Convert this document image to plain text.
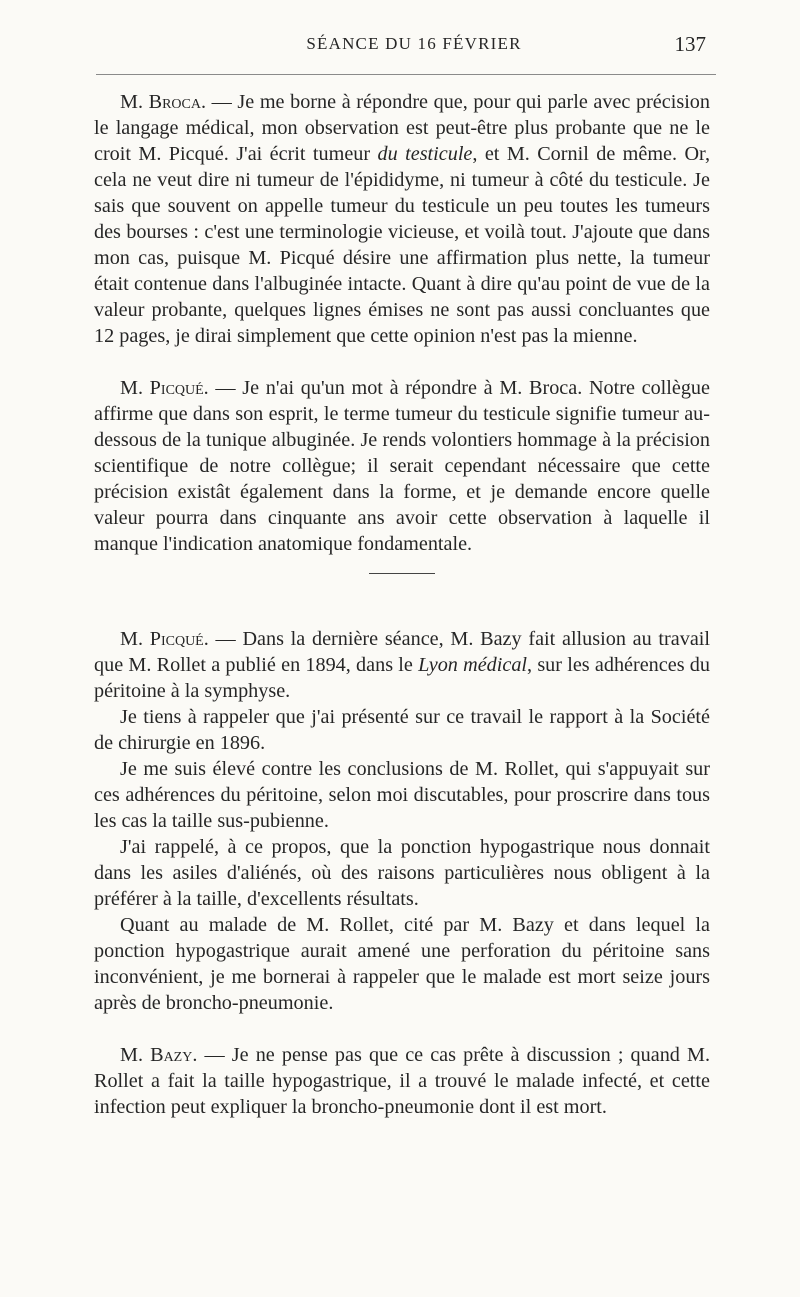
SÉANCE DU 16 FÉVRIER	137

M. Broca. — Je me borne à répondre que, pour qui parle avec précision le langage médical, mon observation est peut-être plus probante que ne le croit M. Picqué. J'ai écrit tumeur du testicule, et M. Cornil de même. Or, cela ne veut dire ni tumeur de l'épididyme, ni tumeur à côté du testicule. Je sais que souvent on appelle tumeur du testicule un peu toutes les tumeurs des bourses : c'est une terminologie vicieuse, et voilà tout. J'ajoute que dans mon cas, puisque M. Picqué désire une affirmation plus nette, la tumeur était contenue dans l'albuginée intacte. Quant à dire qu'au point de vue de la valeur probante, quelques lignes émises ne sont pas aussi concluantes que 12 pages, je dirai simplement que cette opinion n'est pas la mienne.

M. Picqué. — Je n'ai qu'un mot à répondre à M. Broca. Notre collègue affirme que dans son esprit, le terme tumeur du testicule signifie tumeur au-dessous de la tunique albuginée. Je rends volontiers hommage à la précision scientifique de notre collègue; il serait cependant nécessaire que cette précision existât également dans la forme, et je demande encore quelle valeur pourra dans cinquante ans avoir cette observation à laquelle il manque l'indication anatomique fondamentale.

M. Picqué. — Dans la dernière séance, M. Bazy fait allusion au travail que M. Rollet a publié en 1894, dans le Lyon médical, sur les adhérences du péritoine à la symphyse.

Je tiens à rappeler que j'ai présenté sur ce travail le rapport à la Société de chirurgie en 1896.

Je me suis élevé contre les conclusions de M. Rollet, qui s'appuyait sur ces adhérences du péritoine, selon moi discutables, pour proscrire dans tous les cas la taille sus-pubienne.

J'ai rappelé, à ce propos, que la ponction hypogastrique nous donnait dans les asiles d'aliénés, où des raisons particulières nous obligent à la préférer à la taille, d'excellents résultats.

Quant au malade de M. Rollet, cité par M. Bazy et dans lequel la ponction hypogastrique aurait amené une perforation du péritoine sans inconvénient, je me bornerai à rappeler que le malade est mort seize jours après de broncho-pneumonie.

M. Bazy. — Je ne pense pas que ce cas prête à discussion ; quand M. Rollet a fait la taille hypogastrique, il a trouvé le malade infecté, et cette infection peut expliquer la broncho-pneumonie dont il est mort.
